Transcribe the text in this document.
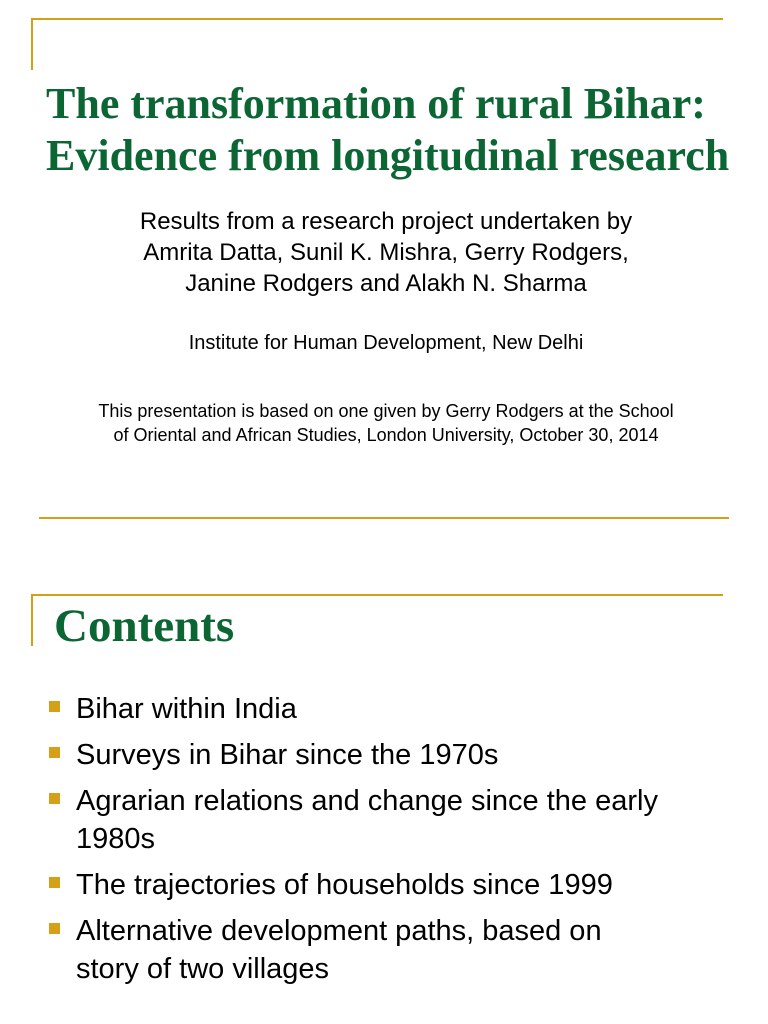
The transformation of rural Bihar: Evidence from longitudinal research

Results from a research project undertaken by
Amrita Datta, Sunil K. Mishra, Gerry Rodgers,
Janine Rodgers and Alakh N. Sharma

Institute for Human Development, New Delhi

This presentation is based on one given by Gerry Rodgers at the School
of Oriental and African Studies, London University, October 30, 2014

Contents
Bihar within India
Surveys in Bihar since the 1970s
Agrarian relations and change since the early
1980s
The trajectories of households since 1999
Alternative development paths, based on
story of two villages
